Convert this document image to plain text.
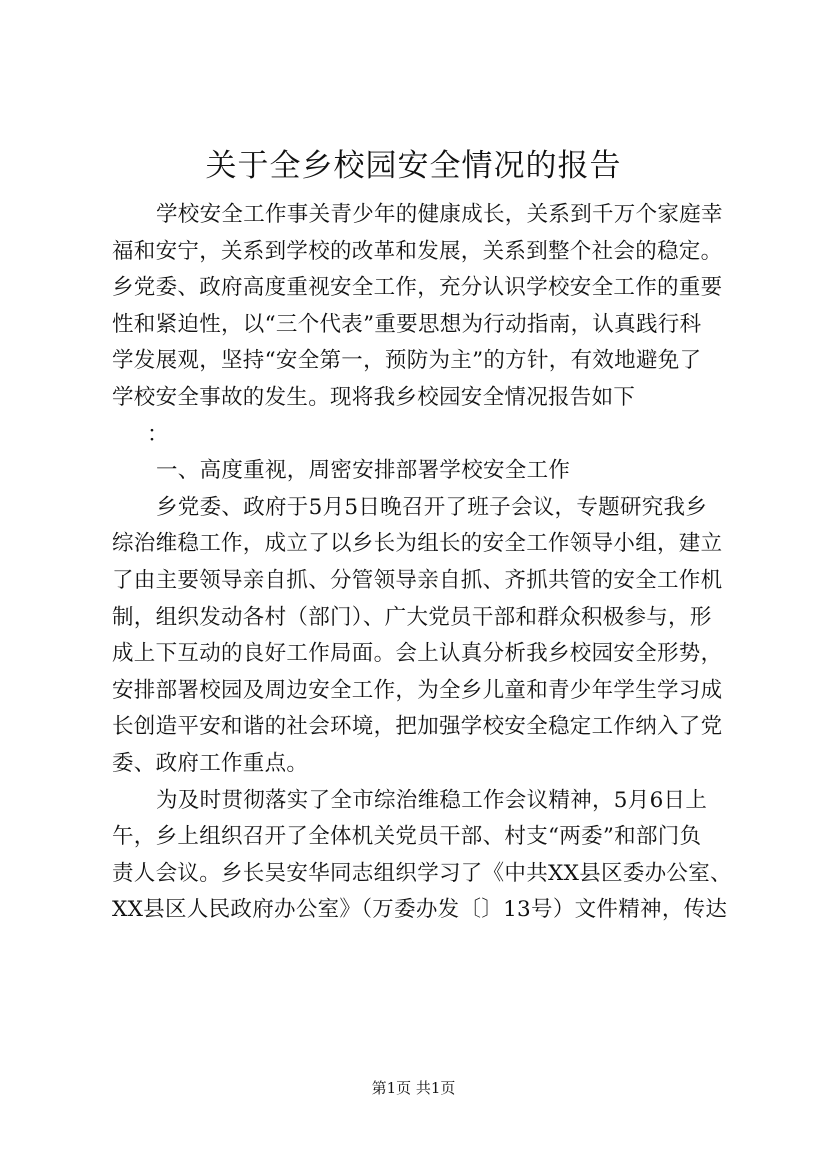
关于全乡校园安全情况的报告
学校安全工作事关青少年的健康成长，关系到千万个家庭幸
福和安宁，关系到学校的改革和发展，关系到整个社会的稳定。
乡党委、政府高度重视安全工作，充分认识学校安全工作的重要
性和紧迫性，以“三个代表”重要思想为行动指南，认真践行科
学发展观，坚持“安全第一，预防为主”的方针，有效地避免了
学校安全事故的发生。现将我乡校园安全情况报告如下
：
一、高度重视，周密安排部署学校安全工作
乡党委、政府于5月5日晚召开了班子会议，专题研究我乡
综治维稳工作，成立了以乡长为组长的安全工作领导小组，建立
了由主要领导亲自抓、分管领导亲自抓、齐抓共管的安全工作机
制，组织发动各村（部门）、广大党员干部和群众积极参与，形
成上下互动的良好工作局面。会上认真分析我乡校园安全形势，
安排部署校园及周边安全工作，为全乡儿童和青少年学生学习成
长创造平安和谐的社会环境，把加强学校安全稳定工作纳入了党
委、政府工作重点。
为及时贯彻落实了全市综治维稳工作会议精神，5月6日上
午，乡上组织召开了全体机关党员干部、村支“两委”和部门负
责人会议。乡长吴安华同志组织学习了《中共XX县区委办公室、
XX县区人民政府办公室》（万委办发〔〕13号）文件精神，传达
第1页 共1页
